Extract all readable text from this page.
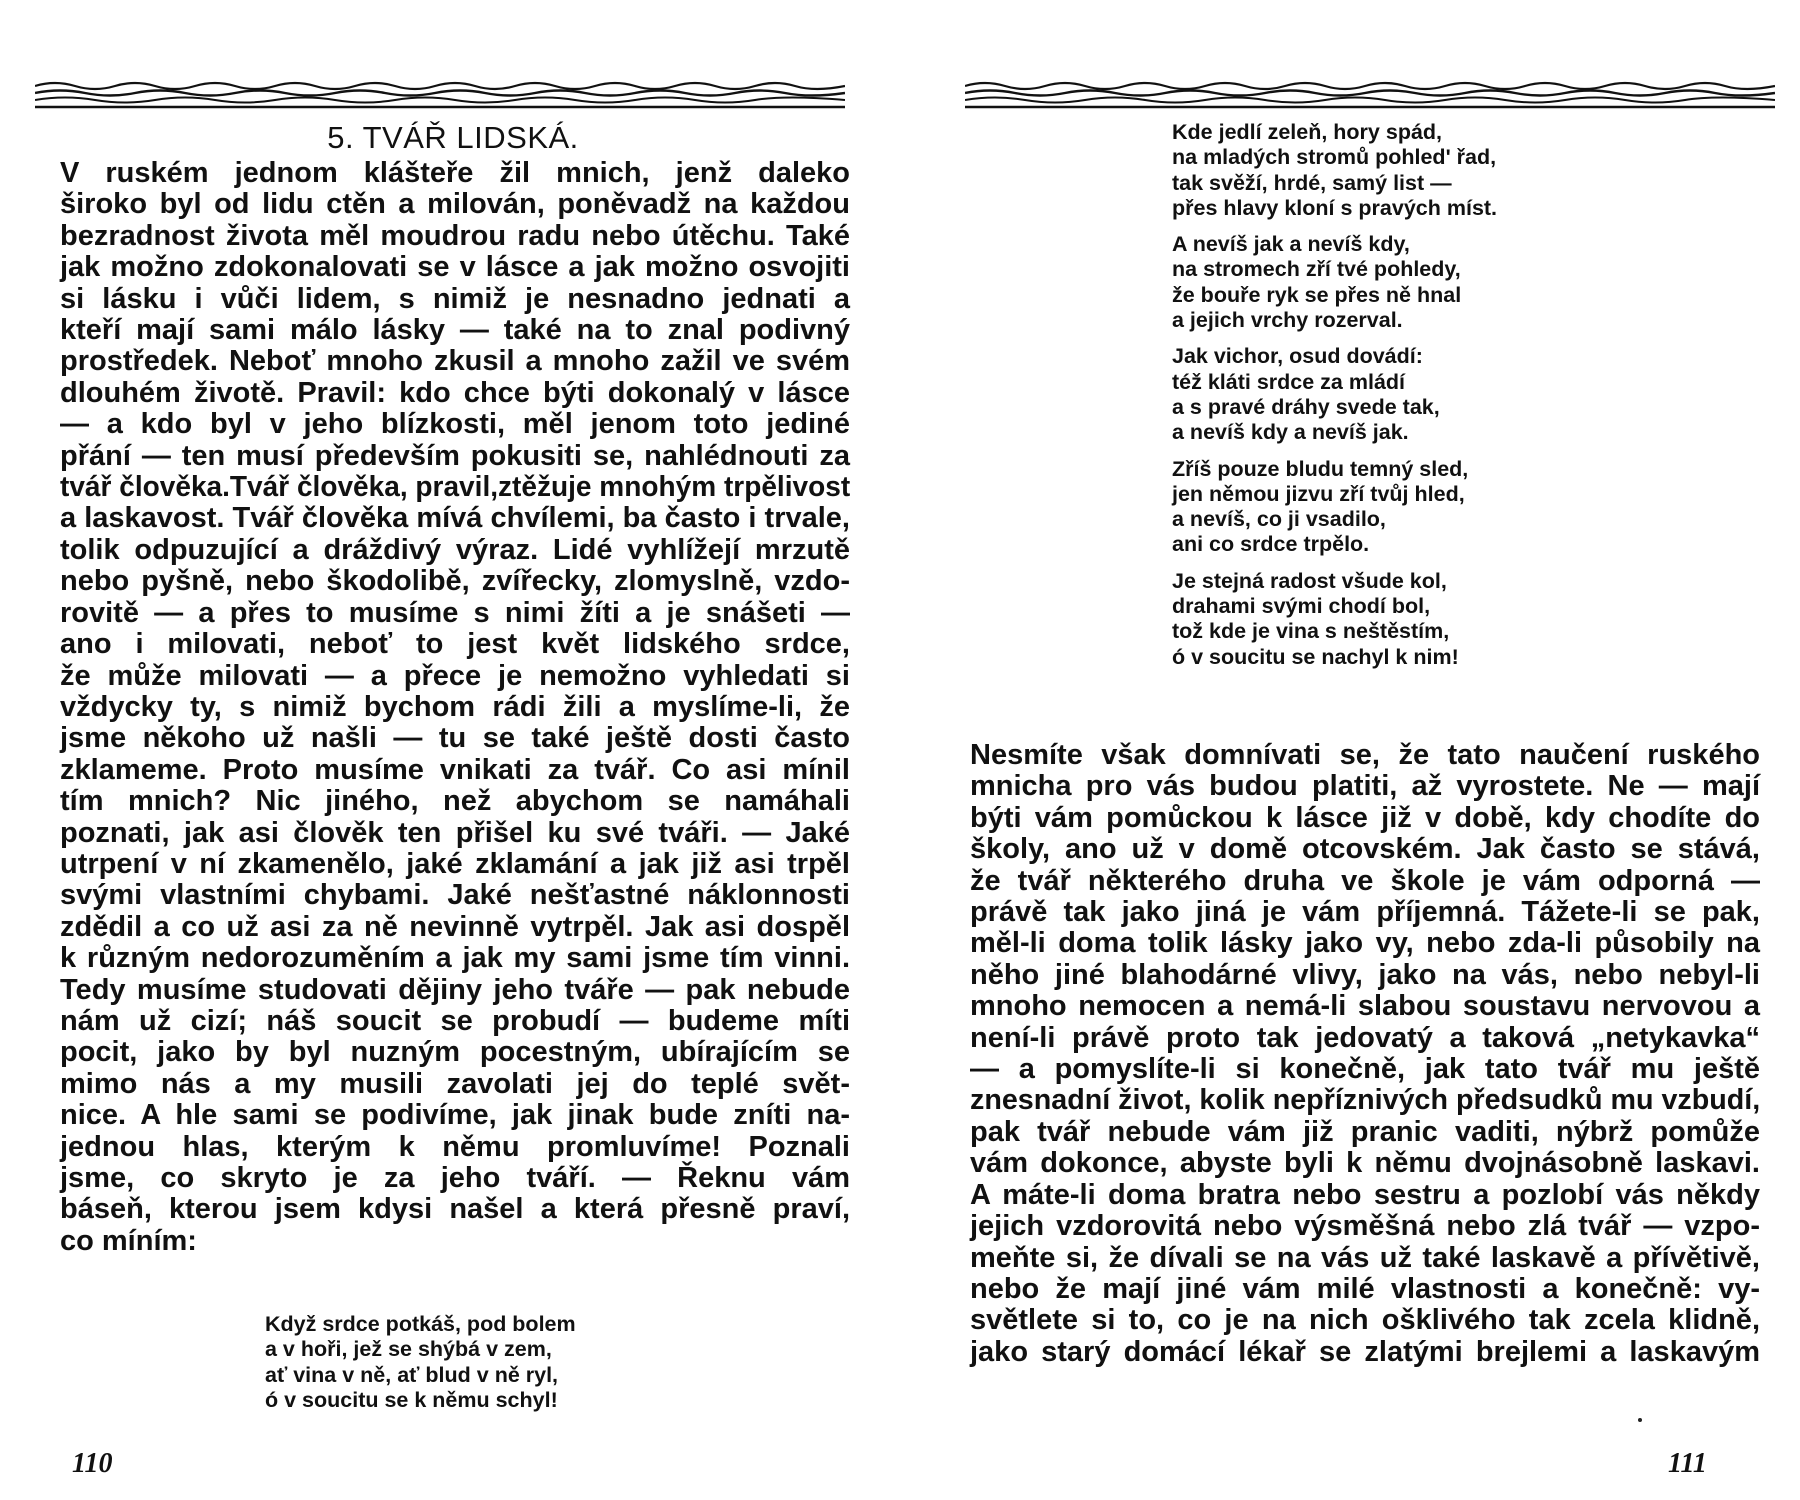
5. TVÁŘ LIDSKÁ.
V ruském jednom klášteře žil mnich, jenž daleko
široko byl od lidu ctěn a milován, poněvadž na každou
bezradnost života měl moudrou radu nebo útěchu. Také
jak možno zdokonalovati se v lásce a jak možno osvojiti
si lásku i vůči lidem, s nimiž je nesnadno jednati a
kteří mají sami málo lásky — také na to znal podivný
prostředek. Neboť mnoho zkusil a mnoho zažil ve svém
dlouhém životě. Pravil: kdo chce býti dokonalý v lásce
— a kdo byl v jeho blízkosti, měl jenom toto jediné
přání — ten musí především pokusiti se, nahlédnouti za
tvář člověka.Tvář člověka, pravil,ztěžuje mnohým trpělivost
a laskavost. Tvář člověka mívá chvílemi, ba často i trvale,
tolik odpuzující a dráždivý výraz. Lidé vyhlížejí mrzutě
nebo pyšně, nebo škodolibě, zvířecky, zlomyslně, vzdo-
rovitě — a přes to musíme s nimi žíti a je snášeti —
ano i milovati, neboť to jest květ lidského srdce,
že může milovati — a přece je nemožno vyhledati si
vždycky ty, s nimiž bychom rádi žili a myslíme-li, že
jsme někoho už našli — tu se také ještě dosti často
zklameme. Proto musíme vnikati za tvář. Co asi mínil
tím mnich? Nic jiného, než abychom se namáhali
poznati, jak asi člověk ten přišel ku své tváři. — Jaké
utrpení v ní zkamenělo, jaké zklamání a jak již asi trpěl
svými vlastními chybami. Jaké nešťastné náklonnosti
zdědil a co už asi za ně nevinně vytrpěl. Jak asi dospěl
k různým nedorozuměním a jak my sami jsme tím vinni.
Tedy musíme studovati dějiny jeho tváře — pak nebude
nám už cizí; náš soucit se probudí — budeme míti
pocit, jako by byl nuzným pocestným, ubírajícím se
mimo nás a my musili zavolati jej do teplé svět-
nice. A hle sami se podivíme, jak jinak bude zníti na-
jednou hlas, kterým k němu promluvíme! Poznali
jsme, co skryto je za jeho tváří. — Řeknu vám
báseň, kterou jsem kdysi našel a která přesně praví,
co míním:
Když srdce potkáš, pod bolem
a v hoři, jež se shýbá v zem,
ať vina v ně, ať blud v ně ryl,
ó v soucitu se k němu schyl!
110
Kde jedlí zeleň, hory spád,
na mladých stromů pohled' řad,
tak svěží, hrdé, samý list —
přes hlavy kloní s pravých míst.
A nevíš jak a nevíš kdy,
na stromech zří tvé pohledy,
že bouře ryk se přes ně hnal
a jejich vrchy rozerval.
Jak vichor, osud dovádí:
též kláti srdce za mládí
a s pravé dráhy svede tak,
a nevíš kdy a nevíš jak.
Zříš pouze bludu temný sled,
jen němou jizvu zří tvůj hled,
a nevíš, co ji vsadilo,
ani co srdce trpělo.
Je stejná radost všude kol,
drahami svými chodí bol,
tož kde je vina s neštěstím,
ó v soucitu se nachyl k nim!
Nesmíte však domnívati se, že tato naučení ruského
mnicha pro vás budou platiti, až vyrostete. Ne — mají
býti vám pomůckou k lásce již v době, kdy chodíte do
školy, ano už v domě otcovském. Jak často se stává,
že tvář některého druha ve škole je vám odporná —
právě tak jako jiná je vám příjemná. Tážete-li se pak,
měl-li doma tolik lásky jako vy, nebo zda-li působily na
něho jiné blahodárné vlivy, jako na vás, nebo nebyl-li
mnoho nemocen a nemá-li slabou soustavu nervovou a
není-li právě proto tak jedovatý a taková „netykavka“
— a pomyslíte-li si konečně, jak tato tvář mu ještě
znesnadní život, kolik nepříznivých předsudků mu vzbudí,
pak tvář nebude vám již pranic vaditi, nýbrž pomůže
vám dokonce, abyste byli k němu dvojnásobně laskavi.
A máte-li doma bratra nebo sestru a pozlobí vás někdy
jejich vzdorovitá nebo výsměšná nebo zlá tvář — vzpo-
meňte si, že dívali se na vás už také laskavě a přívětivě,
nebo že mají jiné vám milé vlastnosti a konečně: vy-
světlete si to, co je na nich ošklivého tak zcela klidně,
jako starý domácí lékař se zlatými brejlemi a laskavým
111
